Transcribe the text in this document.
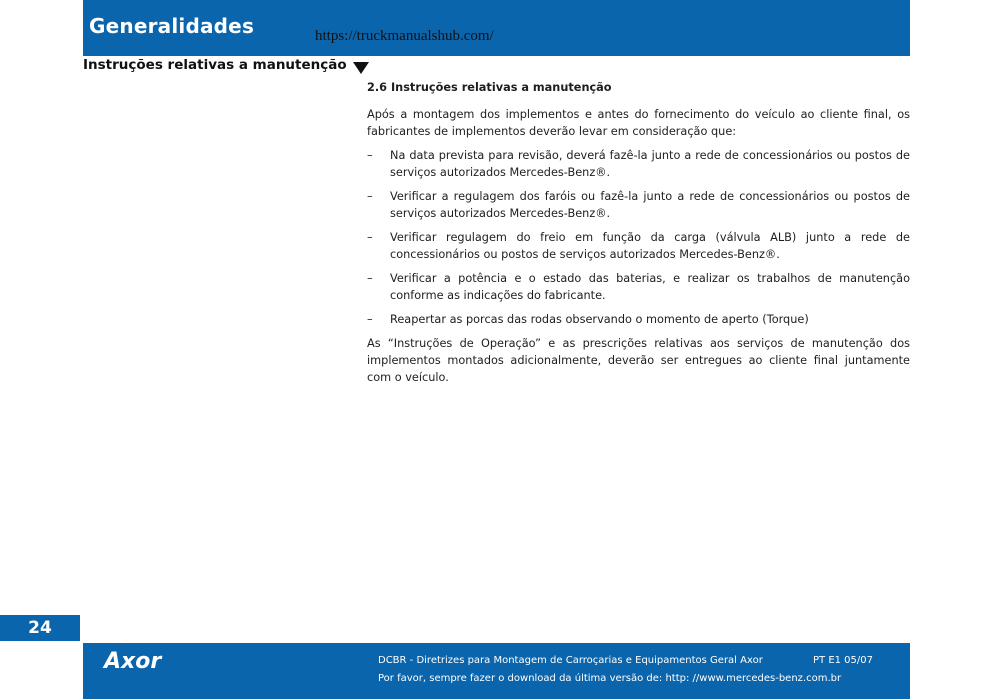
Generalidades	https://truckmanualshub.com/
Instruções relativas a manutenção
2.6 Instruções relativas a manutenção

Após a montagem dos implementos e antes do fornecimento do veículo ao cliente final, os fabricantes de implementos deverão levar em consideração que:

– Na data prevista para revisão, deverá fazê-la junto a rede de concessionários ou postos de serviços autorizados Mercedes-Benz®.
– Verificar a regulagem dos faróis ou fazê-la junto a rede de concessionários ou postos de serviços autorizados Mercedes-Benz®.
– Verificar regulagem do freio em função da carga (válvula ALB) junto a rede de concessionários ou postos de serviços autorizados Mercedes-Benz®.
– Verificar a potência e o estado das baterias, e realizar os trabalhos de manutenção conforme as indicações do fabricante.
– Reapertar as porcas das rodas observando o momento de aperto (Torque)

As “Instruções de Operação” e as prescrições relativas aos serviços de manutenção dos implementos montados adicionalmente, deverão ser entregues ao cliente final juntamente com o veículo.

24
Axor	DCBR - Diretrizes para Montagem de Carroçarias e Equipamentos Geral Axor	PT E1 05/07
Por favor, sempre fazer o download da última versão de: http: //www.mercedes-benz.com.br
